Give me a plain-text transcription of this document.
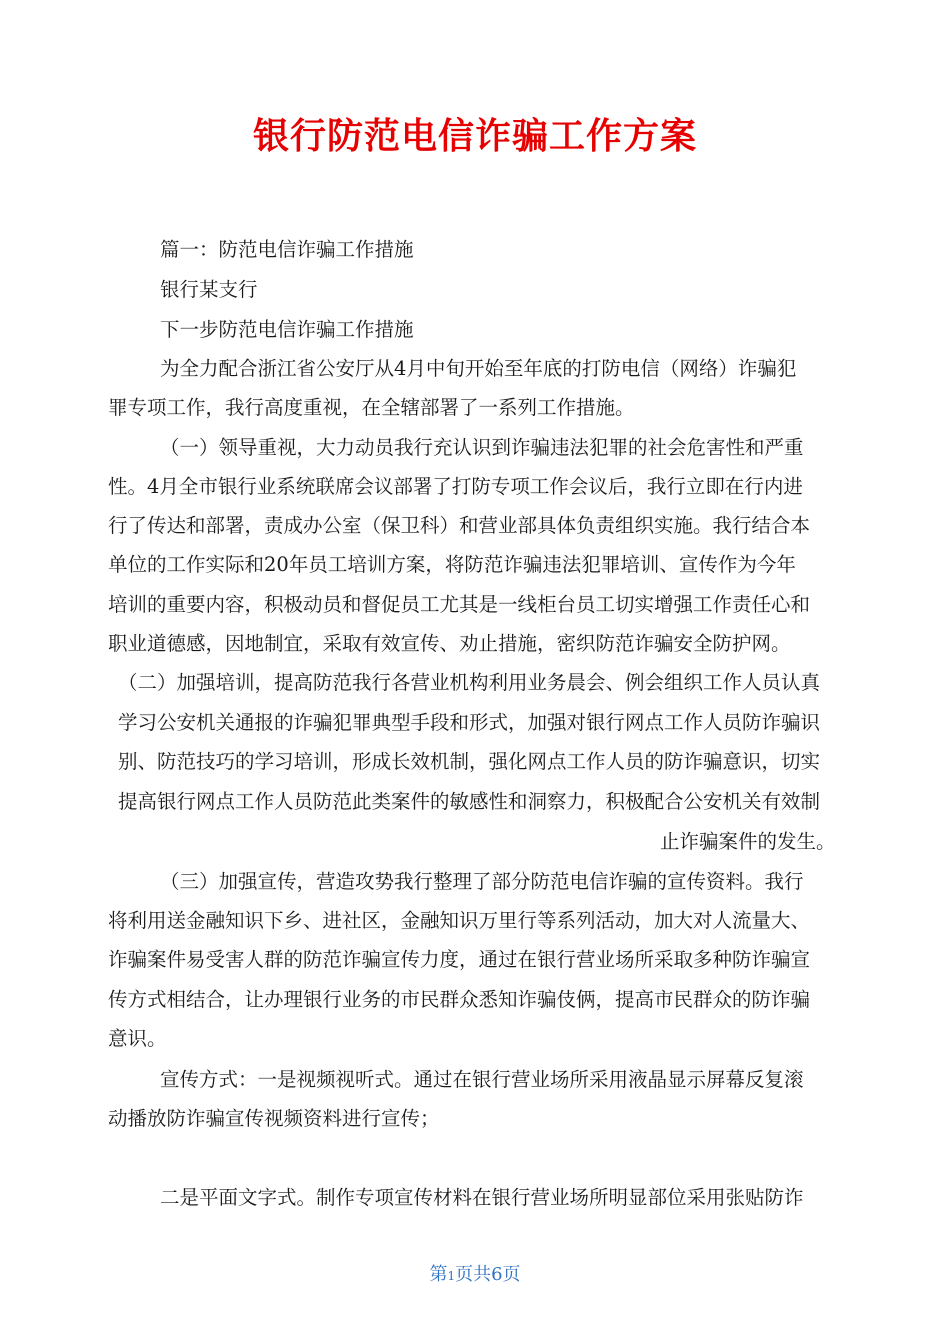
银行防范电信诈骗工作方案
篇一：防范电信诈骗工作措施
银行某支行
下一步防范电信诈骗工作措施
为全力配合浙江省公安厅从4月中旬开始至年底的打防电信（网络）诈骗犯
罪专项工作，我行高度重视，在全辖部署了一系列工作措施。
（一）领导重视，大力动员我行充认识到诈骗违法犯罪的社会危害性和严重
性。4月全市银行业系统联席会议部署了打防专项工作会议后，我行立即在行内进
行了传达和部署，责成办公室（保卫科）和营业部具体负责组织实施。我行结合本
单位的工作实际和20年员工培训方案，将防范诈骗违法犯罪培训、宣传作为今年
培训的重要内容，积极动员和督促员工尤其是一线柜台员工切实增强工作责任心和
职业道德感，因地制宜，采取有效宣传、劝止措施，密织防范诈骗安全防护网。
（二）加强培训，提高防范我行各营业机构利用业务晨会、例会组织工作人员认真
学习公安机关通报的诈骗犯罪典型手段和形式，加强对银行网点工作人员防诈骗识
别、防范技巧的学习培训，形成长效机制，强化网点工作人员的防诈骗意识，切实
提高银行网点工作人员防范此类案件的敏感性和洞察力，积极配合公安机关有效制
止诈骗案件的发生。
（三）加强宣传，营造攻势我行整理了部分防范电信诈骗的宣传资料。我行
将利用送金融知识下乡、进社区，金融知识万里行等系列活动，加大对人流量大、
诈骗案件易受害人群的防范诈骗宣传力度，通过在银行营业场所采取多种防诈骗宣
传方式相结合，让办理银行业务的市民群众悉知诈骗伎俩，提高市民群众的防诈骗
意识。
宣传方式：一是视频视听式。通过在银行营业场所采用液晶显示屏幕反复滚
动播放防诈骗宣传视频资料进行宣传；
二是平面文字式。制作专项宣传材料在银行营业场所明显部位采用张贴防诈
第1页共6页
